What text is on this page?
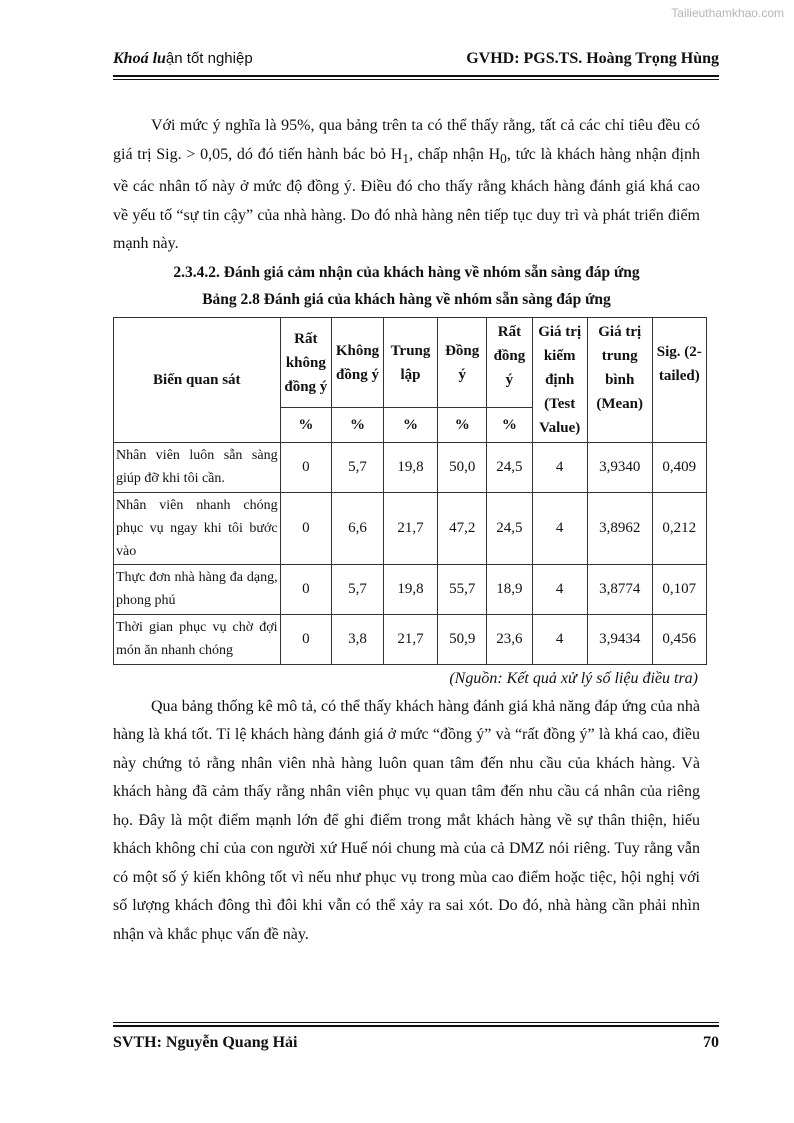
Tailieuthamkhao.com
Khoá luận tốt nghiệp	GVHD: PGS.TS. Hoàng Trọng Hùng

Với mức ý nghĩa là 95%, qua bảng trên ta có thể thấy rằng, tất cả các chỉ tiêu đều có giá trị Sig. > 0,05, dó đó tiến hành bác bỏ $H_1$, chấp nhận $H_0$, tức là khách hàng nhận định về các nhân tố này ở mức độ đồng ý. Điều đó cho thấy rằng khách hàng đánh giá khá cao về yếu tố “sự tin cậy” của nhà hàng. Do đó nhà hàng nên tiếp tục duy trì và phát triển điểm mạnh này.

2.3.4.2. Đánh giá cảm nhận của khách hàng về nhóm sẵn sàng đáp ứng

Bảng 2.8 Đánh giá của khách hàng về nhóm sẵn sàng đáp ứng

Biến quan sát	Rất không đồng ý	Không đồng ý	Trung lập	Đồng ý	Rất đồng ý	Giá trị kiểm định (Test Value)	Giá trị trung bình (Mean)	Sig. (2-tailed)
	%	%	%	%	%			
Nhân viên luôn sẵn sàng giúp đỡ khi tôi cần.	0	5,7	19,8	50,0	24,5	4	3,9340	0,409
Nhân viên nhanh chóng phục vụ ngay khi tôi bước vào	0	6,6	21,7	47,2	24,5	4	3,8962	0,212
Thực đơn nhà hàng đa dạng, phong phú	0	5,7	19,8	55,7	18,9	4	3,8774	0,107
Thời gian phục vụ chờ đợi món ăn nhanh chóng	0	3,8	21,7	50,9	23,6	4	3,9434	0,456

(Nguồn: Kết quả xử lý số liệu điều tra)

Qua bảng thống kê mô tả, có thể thấy khách hàng đánh giá khả năng đáp ứng của nhà hàng là khá tốt. Tỉ lệ khách hàng đánh giá ở mức “đồng ý” và “rất đồng ý” là khá cao, điều này chứng tỏ rằng nhân viên nhà hàng luôn quan tâm đến nhu cầu của khách hàng. Và khách hàng đã cảm thấy rằng nhân viên phục vụ quan tâm đến nhu cầu cá nhân của riêng họ. Đây là một điểm mạnh lớn để ghi điểm trong mắt khách hàng về sự thân thiện, hiếu khách không chỉ của con người xứ Huế nói chung mà của cả DMZ nói riêng. Tuy rằng vẫn có một số ý kiến không tốt vì nếu như phục vụ trong mùa cao điểm hoặc tiệc, hội nghị với số lượng khách đông thì đôi khi vẫn có thể xảy ra sai xót. Do đó, nhà hàng cần phải nhìn nhận và khắc phục vấn đề này.

SVTH: Nguyễn Quang Hải	70
